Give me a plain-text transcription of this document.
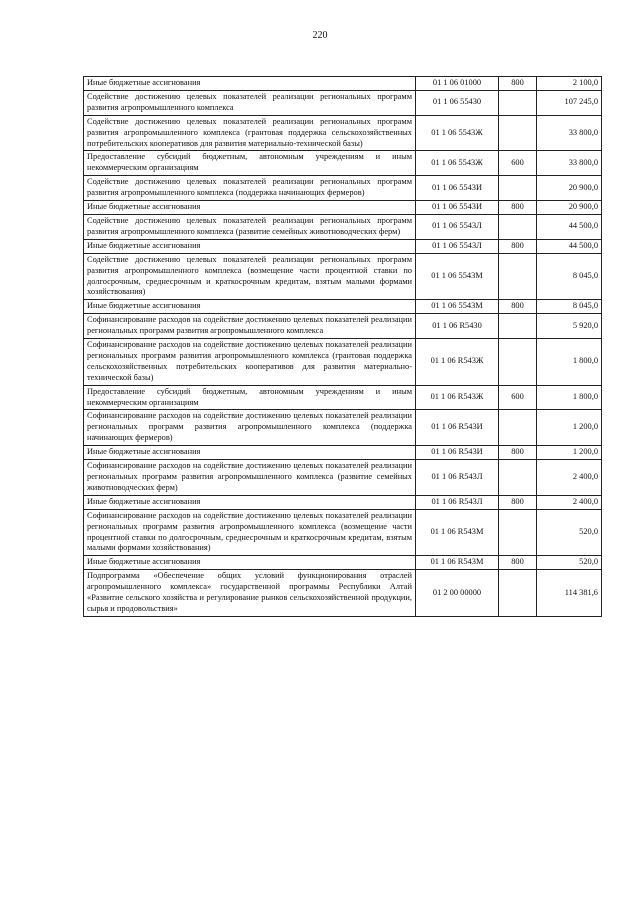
220
Иные бюджетные ассигнования	01 1 06 01000	800	2 100,0
Содействие достижению целевых показателей реализации региональных программ развития агропромышленного комплекса	01 1 06 55430		107 245,0
Содействие достижению целевых показателей реализации региональных программ развития агропромышленного комплекса (грантовая поддержка сельскохозяйственных потребительских кооперативов для развития материально-технической базы)	01 1 06 5543Ж		33 800,0
Предоставление субсидий бюджетным, автономным учреждениям и иным некоммерческим организациям	01 1 06 5543Ж	600	33 800,0
Содействие достижению целевых показателей реализации региональных программ развития агропромышленного комплекса (поддержка начинающих фермеров)	01 1 06 5543И		20 900,0
Иные бюджетные ассигнования	01 1 06 5543И	800	20 900,0
Содействие достижению целевых показателей реализации региональных программ развития агропромышленного комплекса (развитие семейных животноводческих ферм)	01 1 06 5543Л		44 500,0
Иные бюджетные ассигнования	01 1 06 5543Л	800	44 500,0
Содействие достижению целевых показателей реализации региональных программ развития агропромышленного комплекса (возмещение части процентной ставки по долгосрочным, среднесрочным и краткосрочным кредитам, взятым малыми формами хозяйствования)	01 1 06 5543М		8 045,0
Иные бюджетные ассигнования	01 1 06 5543М	800	8 045,0
Софинансирование расходов на содействие достижению целевых показателей реализации региональных программ развития агропромышленного комплекса	01 1 06 R5430		5 920,0
Софинансирование расходов на содействие достижению целевых показателей реализации региональных программ развития агропромышленного комплекса (грантовая поддержка сельскохозяйственных потребительских кооперативов для развития материально-технической базы)	01 1 06 R543Ж		1 800,0
Предоставление субсидий бюджетным, автономным учреждениям и иным некоммерческим организациям	01 1 06 R543Ж	600	1 800,0
Софинансирование расходов на содействие достижению целевых показателей реализации региональных программ развития агропромышленного комплекса (поддержка начинающих фермеров)	01 1 06 R543И		1 200,0
Иные бюджетные ассигнования	01 1 06 R543И	800	1 200,0
Софинансирование расходов на содействие достижению целевых показателей реализации региональных программ развития агропромышленного комплекса (развитие семейных животноводческих ферм)	01 1 06 R543Л		2 400,0
Иные бюджетные ассигнования	01 1 06 R543Л	800	2 400,0
Софинансирование расходов на содействие достижению целевых показателей реализации региональных программ развития агропромышленного комплекса (возмещение части процентной ставки по долгосрочным, среднесрочным и краткосрочным кредитам, взятым малыми формами хозяйствования)	01 1 06 R543М		520,0
Иные бюджетные ассигнования	01 1 06 R543М	800	520,0
Подпрограмма «Обеспечение общих условий функционирования отраслей агропромышленного комплекса» государственной программы Республики Алтай «Развитие сельского хозяйства и регулирование рынков сельскохозяйственной продукции, сырья и продовольствия»	01 2 00 00000		114 381,6
